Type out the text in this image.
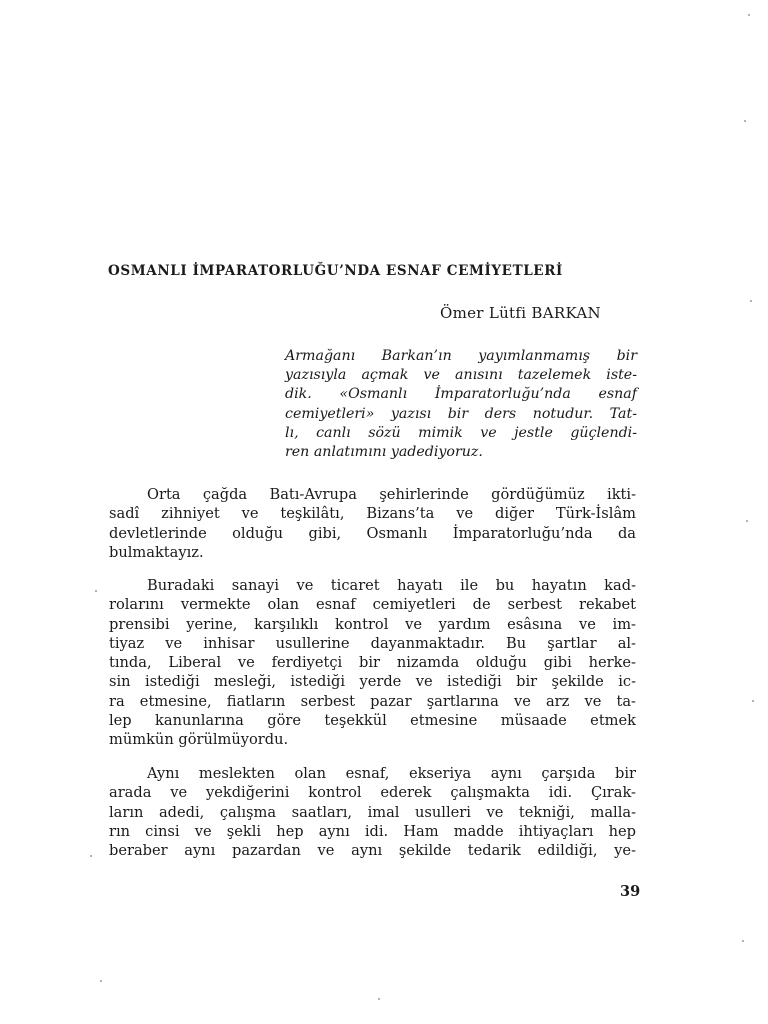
OSMANLI İMPARATORLUĞU’NDA ESNAF CEMİYETLERİ
Ömer Lütfi BARKAN
Armağanı Barkan’ın yayımlanmamış bir
yazısıyla açmak ve anısını tazelemek iste-
dik. «Osmanlı İmparatorluğu’nda esnaf
cemiyetleri» yazısı bir ders notudur. Tat-
lı, canlı sözü mimik ve jestle güçlendi-
ren anlatımını yadediyoruz.
Orta çağda Batı-Avrupa şehirlerinde gördüğümüz ikti-
sadî zihniyet ve teşkilâtı, Bizans’ta ve diğer Türk-İslâm
devletlerinde olduğu gibi, Osmanlı İmparatorluğu’nda da
bulmaktayız.
Buradaki sanayi ve ticaret hayatı ile bu hayatın kad-
rolarını vermekte olan esnaf cemiyetleri de serbest rekabet
prensibi yerine, karşılıklı kontrol ve yardım esâsına ve im-
tiyaz ve inhisar usullerine dayanmaktadır. Bu şartlar al-
tında, Liberal ve ferdiyetçi bir nizamda olduğu gibi herke-
sin istediği mesleği, istediği yerde ve istediği bir şekilde ic-
ra etmesine, fiatların serbest pazar şartlarına ve arz ve ta-
lep kanunlarına göre teşekkül etmesine müsaade etmek
mümkün görülmüyordu.
Aynı meslekten olan esnaf, ekseriya aynı çarşıda bir
arada ve yekdiğerini kontrol ederek çalışmakta idi. Çırak-
ların adedi, çalışma saatları, imal usulleri ve tekniği, malla-
rın cinsi ve şekli hep aynı idi. Ham madde ihtiyaçları hep
beraber aynı pazardan ve aynı şekilde tedarik edildiği, ye-
39
